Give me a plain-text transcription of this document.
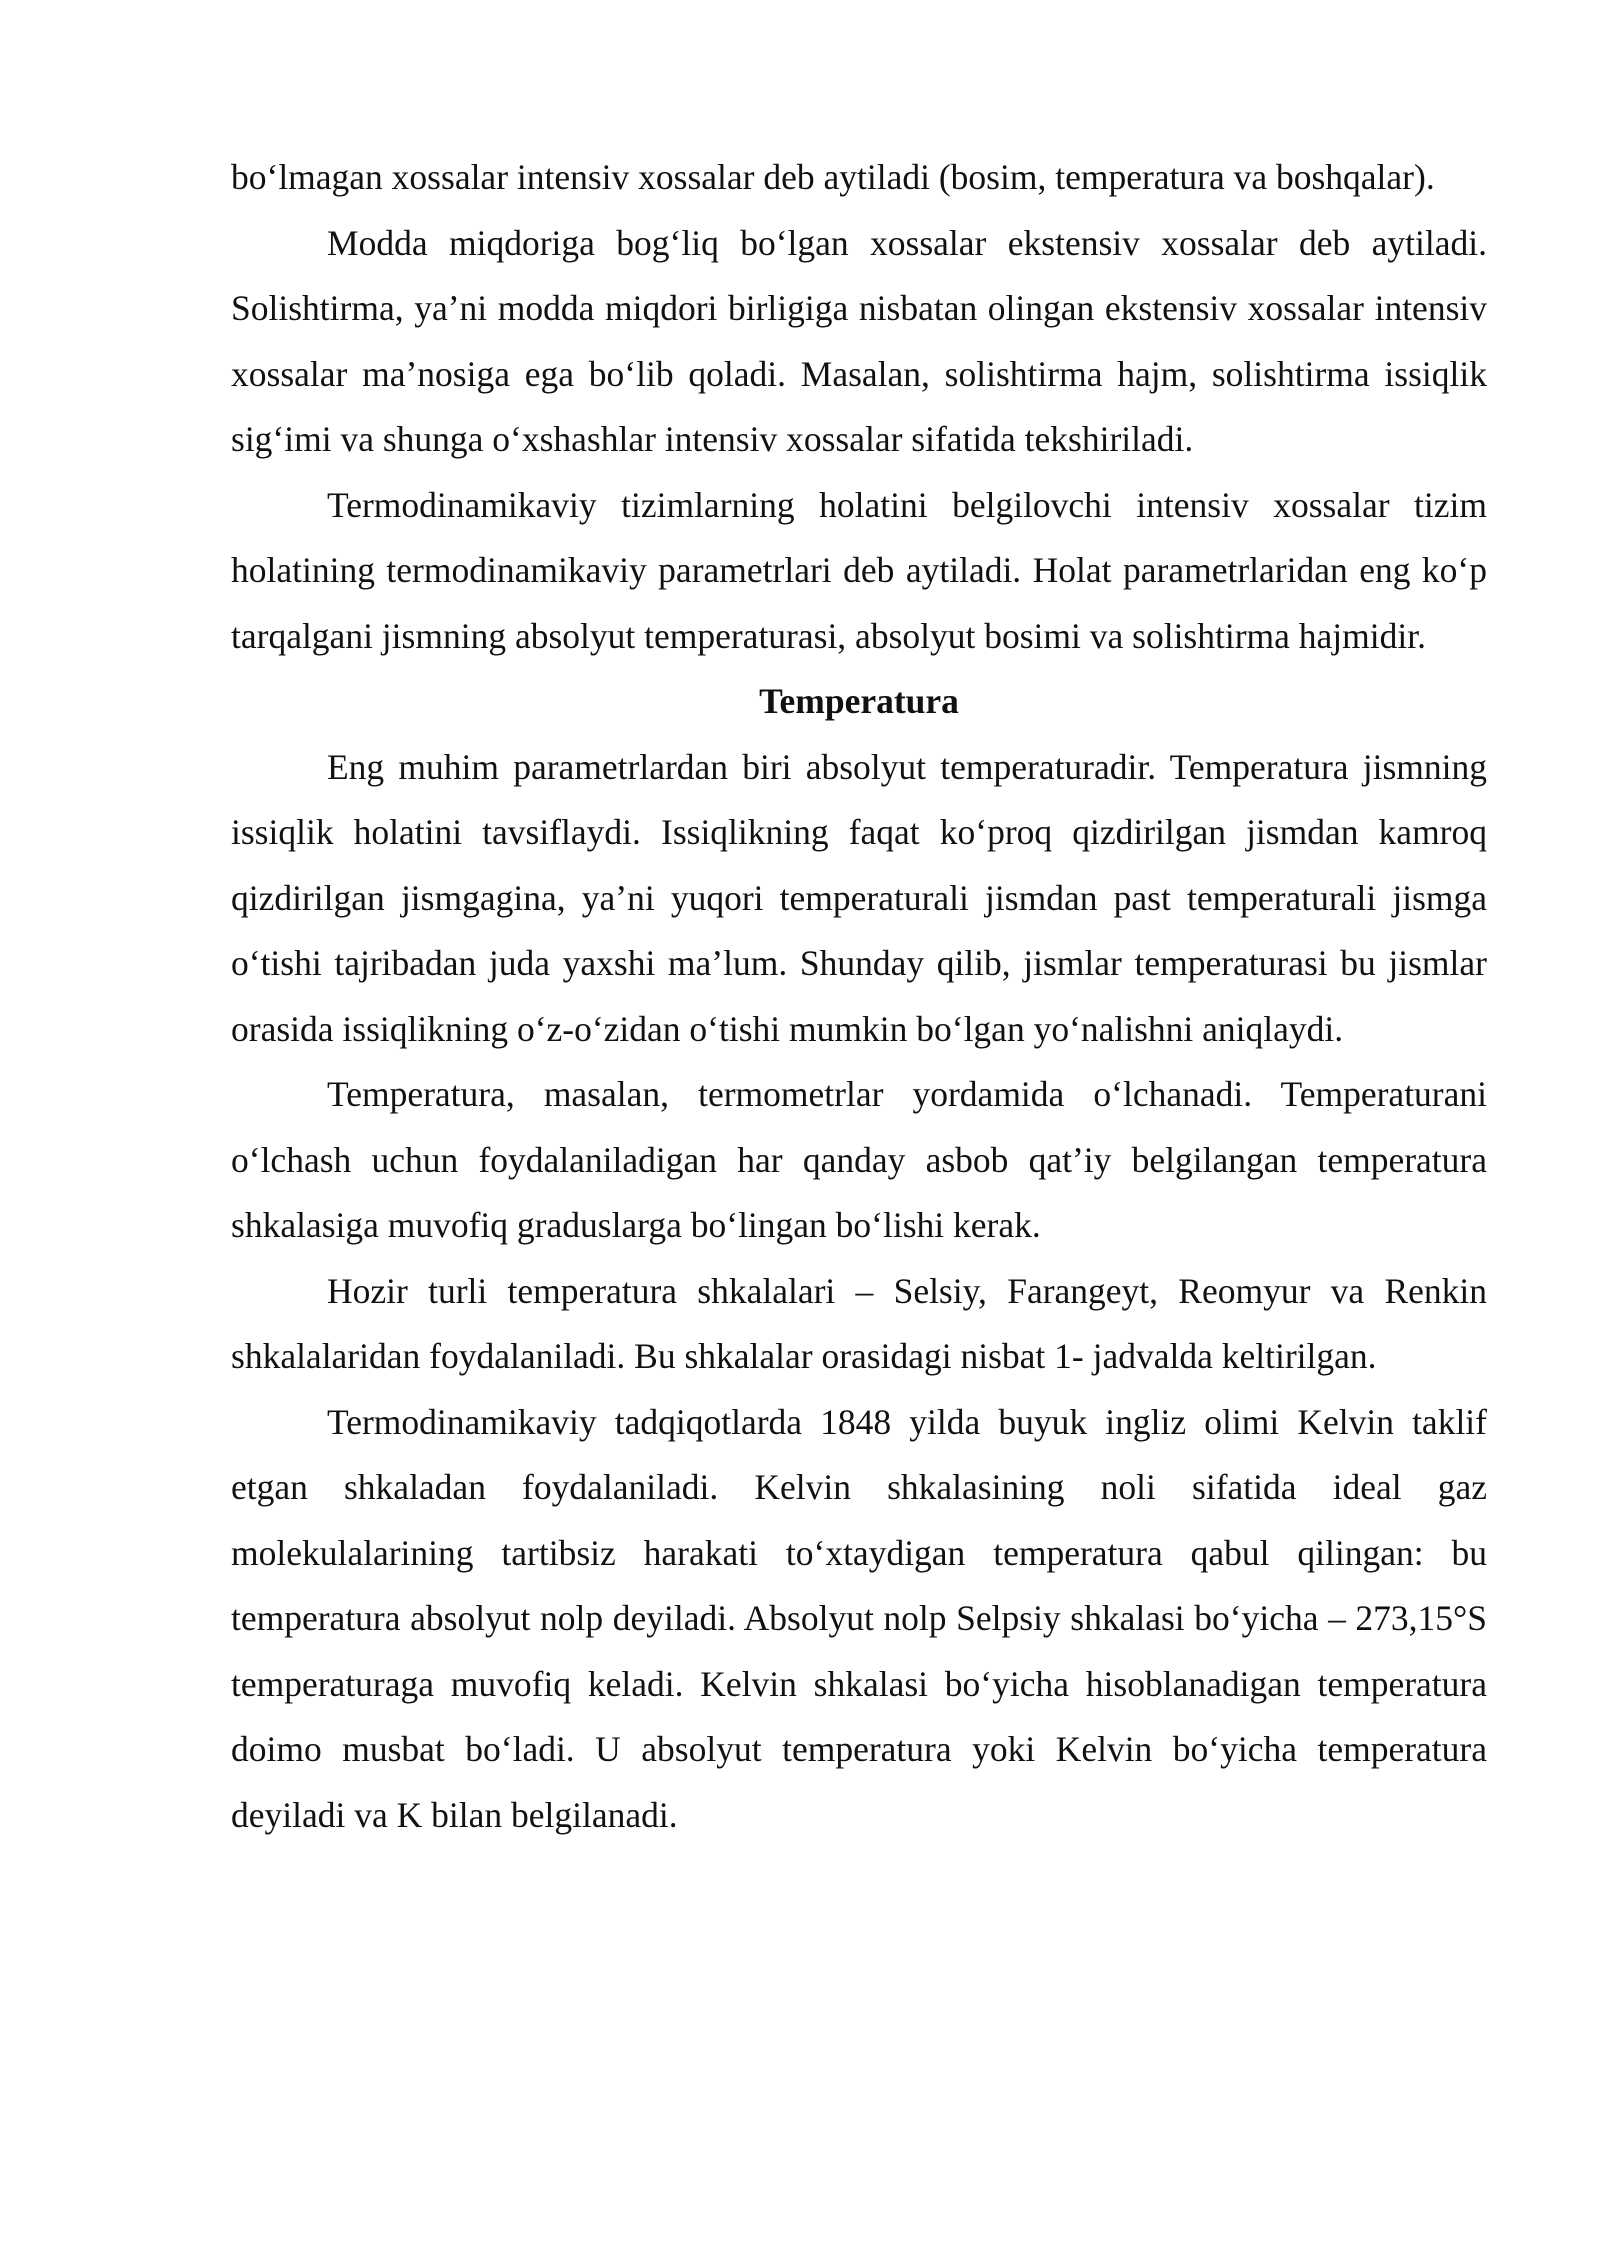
boʻlmagan xossalar intensiv xossalar deb aytiladi (bosim, temperatura va boshqalar).

Modda miqdoriga bogʻliq boʻlgan xossalar ekstensiv xossalar deb aytiladi. Solishtirma, yaʼni modda miqdori birligiga nisbatan olingan ekstensiv xossalar intensiv xossalar maʼnosiga ega boʻlib qoladi. Masalan, solishtirma hajm, solishtirma issiqlik sigʻimi va shunga oʻxshashlar intensiv xossalar sifatida tekshiriladi.

Termodinamikaviy tizimlarning holatini belgilovchi intensiv xossalar tizim holatining termodinamikaviy parametrlari deb aytiladi. Holat parametrlaridan eng koʻp tarqalgani jismning absolyut temperaturasi, absolyut bosimi va solishtirma hajmidir.

Temperatura

Eng muhim parametrlardan biri absolyut temperaturadir. Temperatura jismning issiqlik holatini tavsiflaydi. Issiqlikning faqat koʻproq qizdirilgan jismdan kamroq qizdirilgan jismgagina, yaʼni yuqori temperaturali jismdan past temperaturali jismga oʻtishi tajribadan juda yaxshi maʼlum. Shunday qilib, jismlar temperaturasi bu jismlar orasida issiqlikning oʻz-oʻzidan oʻtishi mumkin boʻlgan yoʻnalishni aniqlaydi.

Temperatura, masalan, termometrlar yordamida oʻlchanadi. Temperaturani oʻlchash uchun foydalaniladigan har qanday asbob qatʼiy belgilangan temperatura shkalasiga muvofiq graduslarga boʻlingan boʻlishi kerak.

Hozir turli temperatura shkalalari – Selsiy, Farangeyt, Reomyur va Renkin shkalalaridan foydalaniladi. Bu shkalalar orasidagi nisbat 1- jadvalda keltirilgan.

Termodinamikaviy tadqiqotlarda 1848 yilda buyuk ingliz olimi Kelvin taklif etgan shkaladan foydalaniladi. Kelvin shkalasining noli sifatida ideal gaz molekulalarining tartibsiz harakati toʻxtaydigan temperatura qabul qilingan: bu temperatura absolyut nolp deyiladi. Absolyut nolp Selpsiy shkalasi boʻyicha – 273,15°S temperaturaga muvofiq keladi. Kelvin shkalasi boʻyicha hisoblanadigan temperatura doimo musbat boʻladi. U absolyut temperatura yoki Kelvin boʻyicha temperatura deyiladi va K bilan belgilanadi.
